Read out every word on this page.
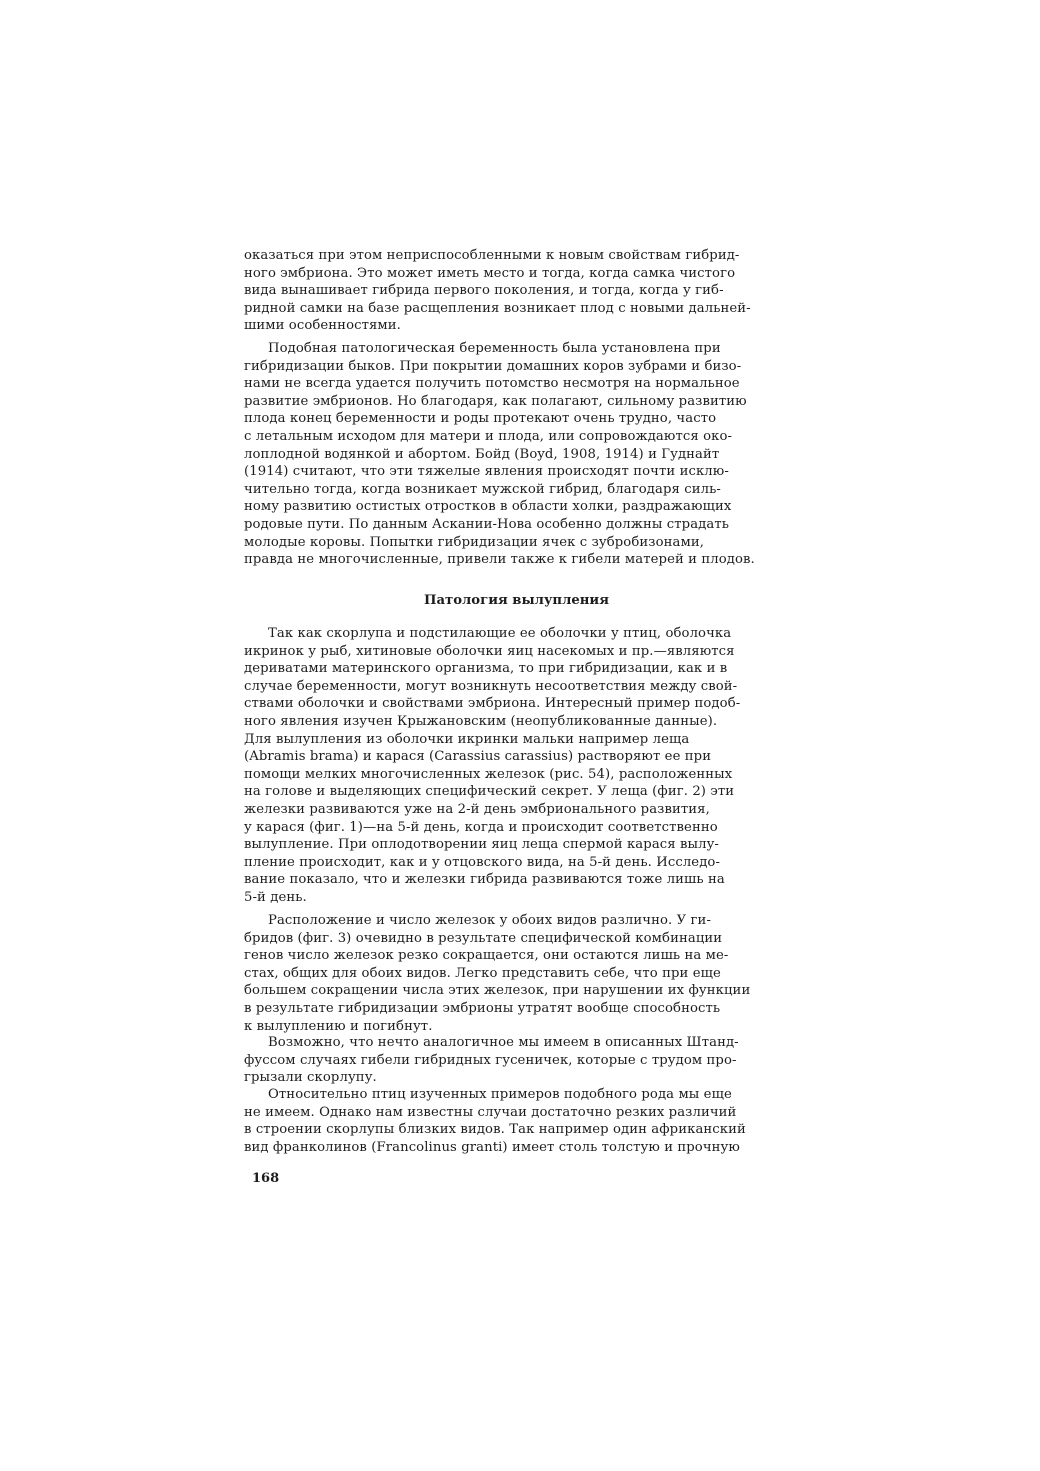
оказаться при этом неприспособленными к новым свойствам гибрид-
ного эмбриона. Это может иметь место и тогда, когда самка чистого
вида вынашивает гибрида первого поколения, и тогда, когда у гиб-
ридной самки на базе расщепления возникает плод с новыми дальней-
шими особенностями.
Подобная патологическая беременность была установлена при
гибридизации быков. При покрытии домашних коров зубрами и бизо-
нами не всегда удается получить потомство несмотря на нормальное
развитие эмбрионов. Но благодаря, как полагают, сильному развитию
плода конец беременности и роды протекают очень трудно, часто
с летальным исходом для матери и плода, или сопровождаются око-
лоплодной водянкой и абортом. Бойд (Boyd, 1908, 1914) и Гуднайт
(1914) считают, что эти тяжелые явления происходят почти исклю-
чительно тогда, когда возникает мужской гибрид, благодаря силь-
ному развитию остистых отростков в области холки, раздражающих
родовые пути. По данным Аскании-Нова особенно должны страдать
молодые коровы. Попытки гибридизации ячек с зубробизонами,
правда не многочисленные, привели также к гибели матерей и плодов.
Патология вылупления
Так как скорлупа и подстилающие ее оболочки у птиц, оболочка
икринок у рыб, хитиновые оболочки яиц насекомых и пр.—являются
дериватами материнского организма, то при гибридизации, как и в
случае беременности, могут возникнуть несоответствия между свой-
ствами оболочки и свойствами эмбриона. Интересный пример подоб-
ного явления изучен Крыжановским (неопубликованные данные).
Для вылупления из оболочки икринки мальки например леща
(Abramis brama) и карася (Carassius carassius) растворяют ее при
помощи мелких многочисленных железок (рис. 54), расположенных
на голове и выделяющих специфический секрет. У леща (фиг. 2) эти
железки развиваются уже на 2-й день эмбрионального развития,
у карася (фиг. 1)—на 5-й день, когда и происходит соответственно
вылупление. При оплодотворении яиц леща спермой карася вылу-
пление происходит, как и у отцовского вида, на 5-й день. Исследо-
вание показало, что и железки гибрида развиваются тоже лишь на
5-й день.
Расположение и число железок у обоих видов различно. У ги-
бридов (фиг. 3) очевидно в результате специфической комбинации
генов число железок резко сокращается, они остаются лишь на ме-
стах, общих для обоих видов. Легко представить себе, что при еще
большем сокращении числа этих железок, при нарушении их функции
в результате гибридизации эмбрионы утратят вообще способность
к вылуплению и погибнут.
Возможно, что нечто аналогичное мы имеем в описанных Штанд-
фуссом случаях гибели гибридных гусеничек, которые с трудом про-
грызали скорлупу.
Относительно птиц изученных примеров подобного рода мы еще
не имеем. Однако нам известны случаи достаточно резких различий
в строении скорлупы близких видов. Так например один африканский
вид франколинов (Francolinus granti) имеет столь толстую и прочную
168
